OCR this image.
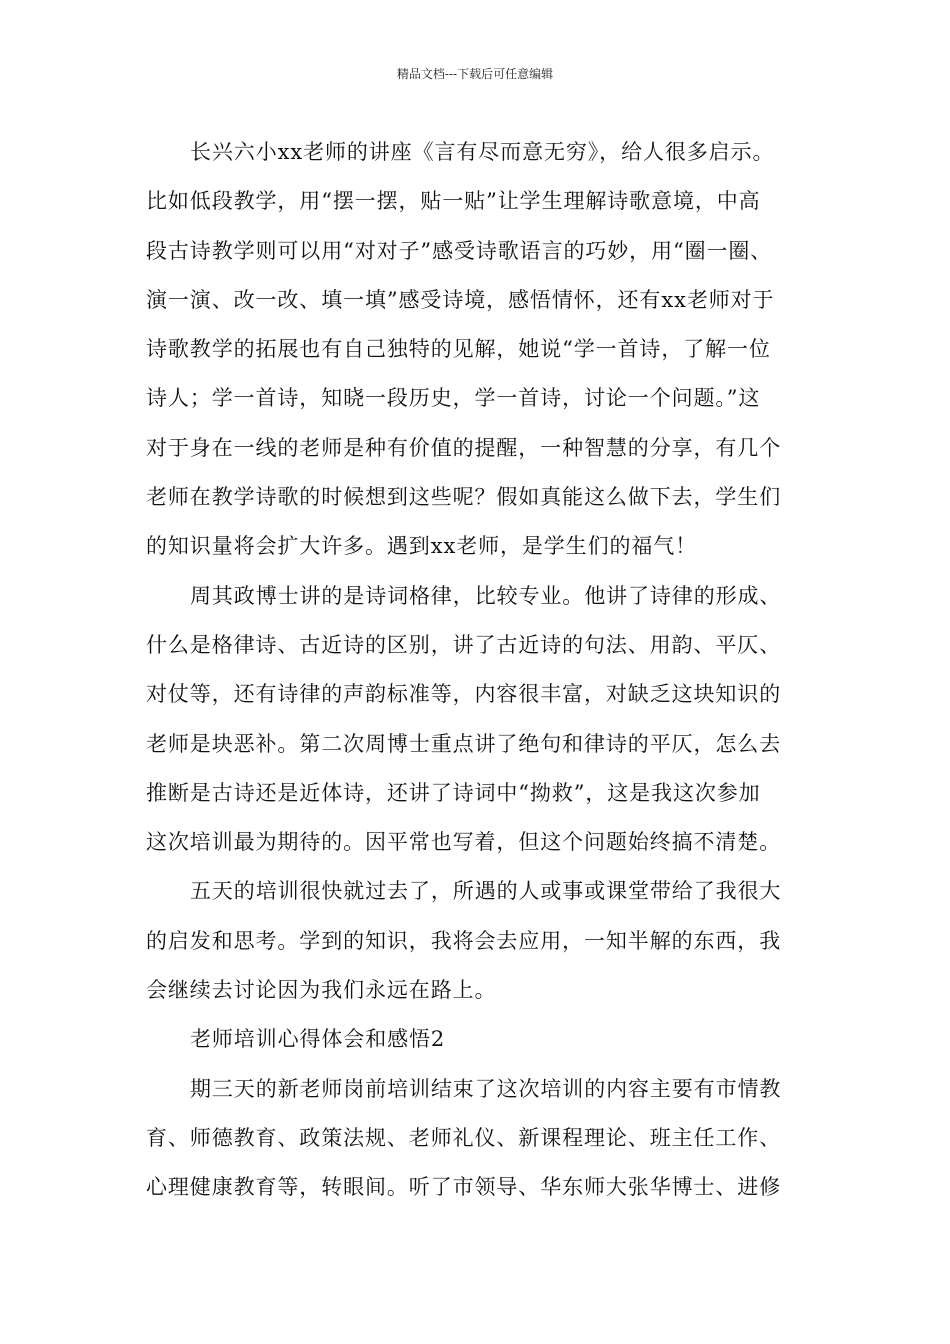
精品文档---下载后可任意编辑
长兴六小xx老师的讲座《言有尽而意无穷》，给人很多启示。
比如低段教学，用“摆一摆，贴一贴”让学生理解诗歌意境，中高
段古诗教学则可以用“对对子”感受诗歌语言的巧妙，用“圈一圈、
演一演、改一改、填一填”感受诗境，感悟情怀，还有xx老师对于
诗歌教学的拓展也有自己独特的见解，她说“学一首诗，了解一位
诗人；学一首诗，知晓一段历史，学一首诗，讨论一个问题。”这
对于身在一线的老师是种有价值的提醒，一种智慧的分享，有几个
老师在教学诗歌的时候想到这些呢？假如真能这么做下去，学生们
的知识量将会扩大许多。遇到xx老师，是学生们的福气！
周其政博士讲的是诗词格律，比较专业。他讲了诗律的形成、
什么是格律诗、古近诗的区别，讲了古近诗的句法、用韵、平仄、
对仗等，还有诗律的声韵标准等，内容很丰富，对缺乏这块知识的
老师是块恶补。第二次周博士重点讲了绝句和律诗的平仄，怎么去
推断是古诗还是近体诗，还讲了诗词中“拗救”，这是我这次参加
这次培训最为期待的。因平常也写着，但这个问题始终搞不清楚。
五天的培训很快就过去了，所遇的人或事或课堂带给了我很大
的启发和思考。学到的知识，我将会去应用，一知半解的东西，我
会继续去讨论因为我们永远在路上。
老师培训心得体会和感悟2
期三天的新老师岗前培训结束了这次培训的内容主要有市情教
育、师德教育、政策法规、老师礼仪、新课程理论、班主任工作、
心理健康教育等，转眼间。听了市领导、华东师大张华博士、进修
